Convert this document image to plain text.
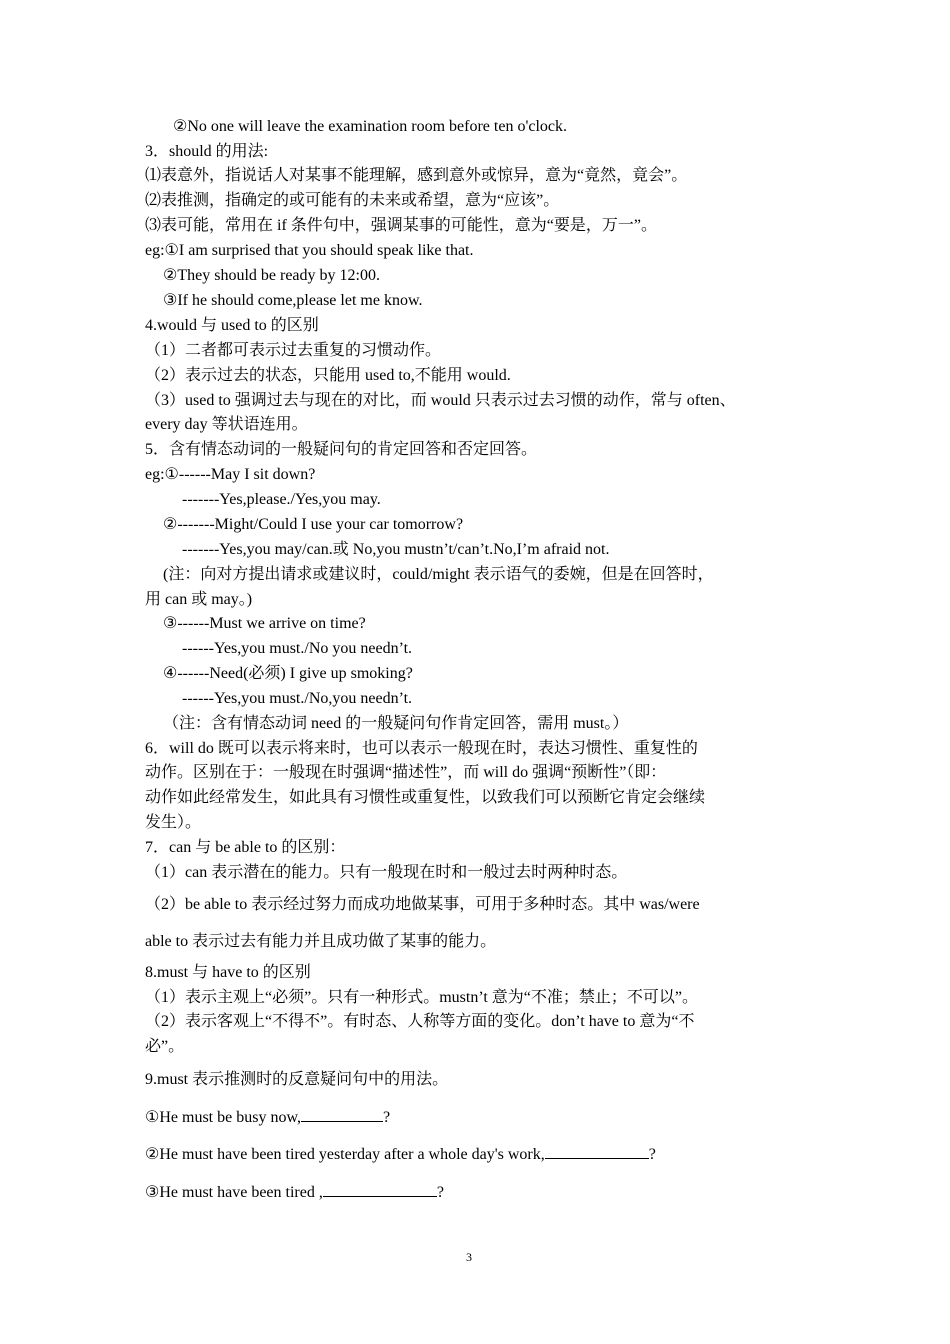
②No one will leave the examination room before ten o'clock.
3．should 的用法:
⑴表意外，指说话人对某事不能理解，感到意外或惊异，意为“竟然，竟会”。
⑵表推测，指确定的或可能有的未来或希望，意为“应该”。
⑶表可能，常用在 if 条件句中，强调某事的可能性，意为“要是，万一”。
eg:①I am surprised that you should speak like that.
②They should be ready by 12:00.
③If he should come,please let me know.
4.would 与 used to 的区别
（1）二者都可表示过去重复的习惯动作。
（2）表示过去的状态，只能用 used to,不能用 would.
（3）used to 强调过去与现在的对比，而 would 只表示过去习惯的动作，常与 often、
every day 等状语连用。
5．含有情态动词的一般疑问句的肯定回答和否定回答。
eg:①------May I sit down?
-------Yes,please./Yes,you may.
②-------Might/Could I use your car tomorrow?
-------Yes,you may/can.或 No,you mustn’t/can’t.No,I’m afraid not.
(注：向对方提出请求或建议时，could/might 表示语气的委婉，但是在回答时，
用 can 或 may。)
③------Must we arrive on time?
------Yes,you must./No you needn’t.
④------Need(必须) I give up smoking?
------Yes,you must./No,you needn’t.
（注：含有情态动词 need 的一般疑问句作肯定回答，需用 must。）
6．will do 既可以表示将来时，也可以表示一般现在时，表达习惯性、重复性的
动作。区别在于：一般现在时强调“描述性”，而 will do 强调“预断性”（即：
动作如此经常发生，如此具有习惯性或重复性，以致我们可以预断它肯定会继续
发生）。
7．can 与 be able to 的区别：
（1）can 表示潜在的能力。只有一般现在时和一般过去时两种时态。
（2）be able to 表示经过努力而成功地做某事，可用于多种时态。其中 was/were
able to 表示过去有能力并且成功做了某事的能力。
8.must 与 have to 的区别
（1）表示主观上“必须”。只有一种形式。mustn’t 意为“不准；禁止；不可以”。
（2）表示客观上“不得不”。有时态、人称等方面的变化。don’t have to 意为“不
必”。
9.must 表示推测时的反意疑问句中的用法。
①He must be busy now,	?
②He must have been tired yesterday after a whole day's work,	?
③He must have been tired ,	?
3
